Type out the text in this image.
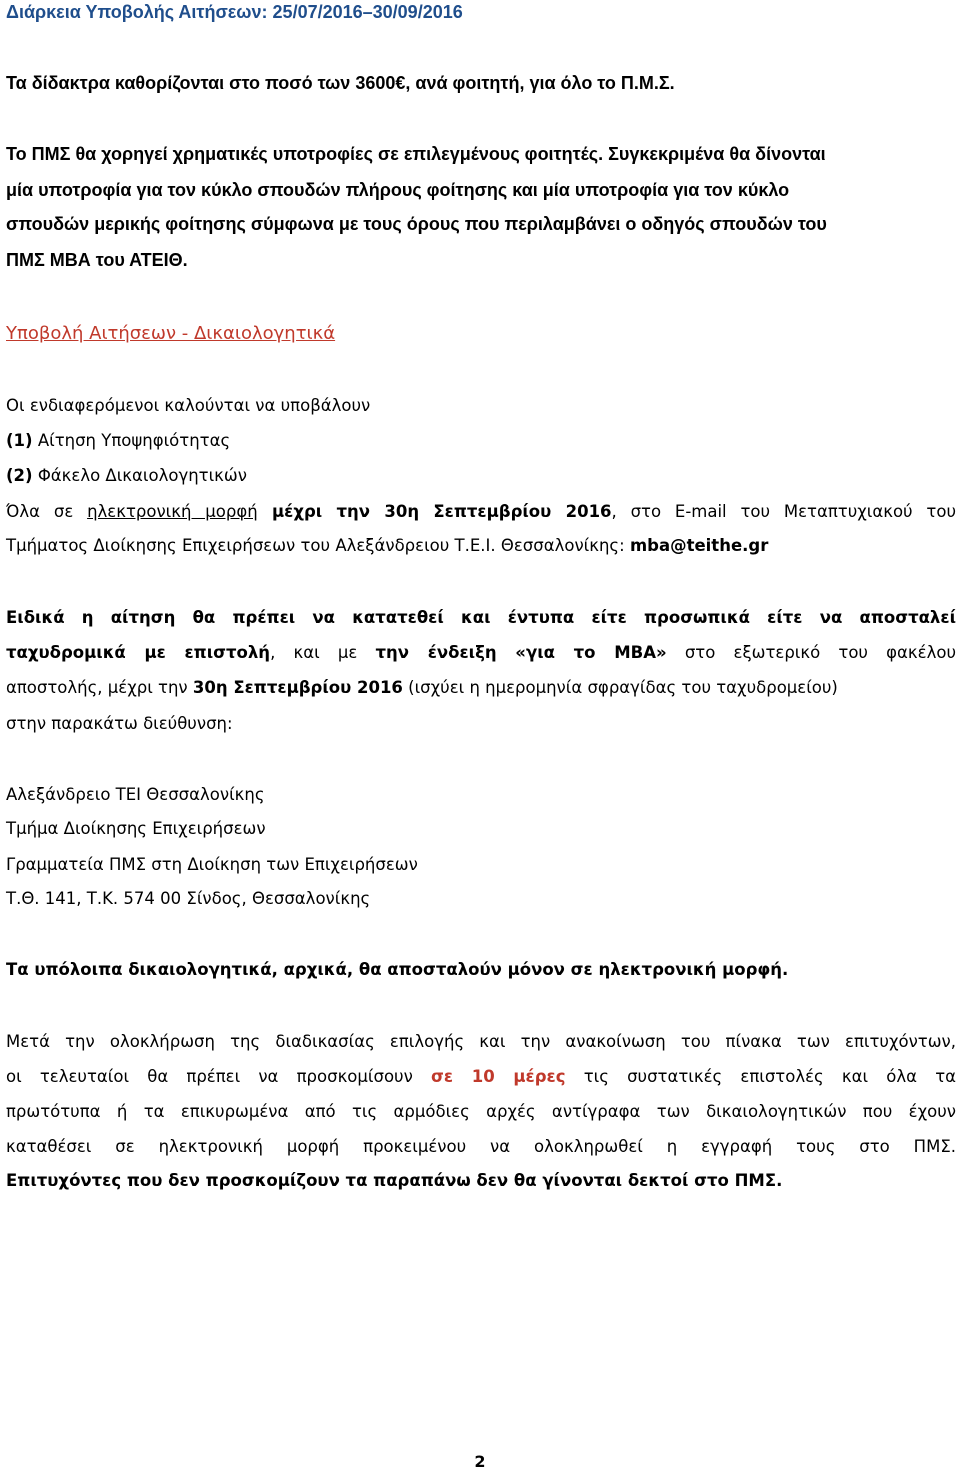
Διάρκεια Υποβολής Αιτήσεων: 25/07/2016–30/09/2016
Τα δίδακτρα καθορίζονται στο ποσό των 3600€, ανά φοιτητή, για όλο το Π.Μ.Σ.
Το ΠΜΣ θα χορηγεί χρηματικές υποτροφίες σε επιλεγμένους φοιτητές. Συγκεκριμένα θα δίνονται
μία υποτροφία για τον κύκλο σπουδών πλήρους φοίτησης και μία υποτροφία για τον κύκλο
σπουδών μερικής φοίτησης σύμφωνα με τους όρους που περιλαμβάνει ο οδηγός σπουδών του
ΠΜΣ ΜΒΑ του ΑΤΕΙΘ.
Υποβολή Αιτήσεων - Δικαιολογητικά
Οι ενδιαφερόμενοι καλούνται να υποβάλουν
(1) Αίτηση Υποψηφιότητας
(2) Φάκελο Δικαιολογητικών
Όλα σε ηλεκτρονική μορφή μέχρι την 30η Σεπτεμβρίου 2016, στο E-mail του Μεταπτυχιακού του
Τμήματος Διοίκησης Επιχειρήσεων του Αλεξάνδρειου Τ.Ε.Ι. Θεσσαλονίκης: mba@teithe.gr
Ειδικά η αίτηση θα πρέπει να κατατεθεί και έντυπα είτε προσωπικά είτε να αποσταλεί
ταχυδρομικά με επιστολή, και με την ένδειξη «για το ΜΒΑ» στο εξωτερικό του φακέλου
αποστολής, μέχρι την 30η Σεπτεμβρίου 2016 (ισχύει η ημερομηνία σφραγίδας του ταχυδρομείου)
στην παρακάτω διεύθυνση:
Αλεξάνδρειο ΤΕΙ Θεσσαλονίκης
Τμήμα Διοίκησης Επιχειρήσεων
Γραμματεία ΠΜΣ στη Διοίκηση των Επιχειρήσεων
Τ.Θ. 141, Τ.Κ. 574 00 Σίνδος, Θεσσαλονίκης
Τα υπόλοιπα δικαιολογητικά, αρχικά, θα αποσταλούν μόνον σε ηλεκτρονική μορφή.
Μετά την ολοκλήρωση της διαδικασίας επιλογής και την ανακοίνωση του πίνακα των επιτυχόντων,
οι τελευταίοι θα πρέπει να προσκομίσουν σε 10 μέρες τις συστατικές επιστολές και όλα τα
πρωτότυπα ή τα επικυρωμένα από τις αρμόδιες αρχές αντίγραφα των δικαιολογητικών που έχουν
καταθέσει σε ηλεκτρονική μορφή προκειμένου να ολοκληρωθεί η εγγραφή τους στο ΠΜΣ.
Επιτυχόντες που δεν προσκομίζουν τα παραπάνω δεν θα γίνονται δεκτοί στο ΠΜΣ.
2
